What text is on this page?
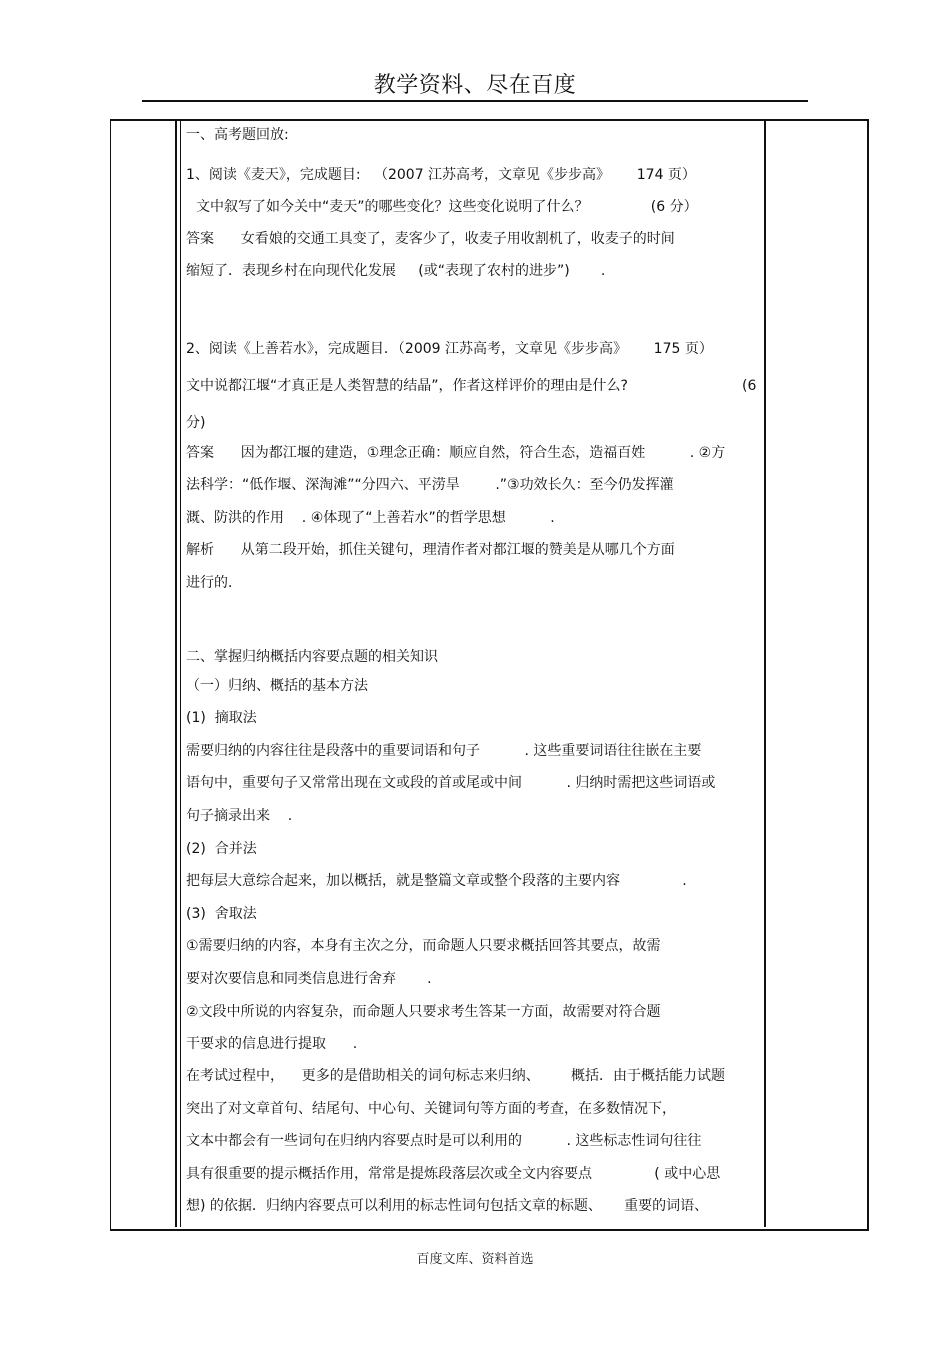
教学资料、尽在百度
一、高考题回放:
1、阅读《麦天》，完成题目:   （2007 江苏高考，文章见《步步高》      174 页）
文中叙写了如今关中“麦天”的哪些变化？这些变化说明了什么？              (6 分）
答案      女看娘的交通工具变了，麦客少了，收麦子用收割机了，收麦子的时间
缩短了．表现乡村在向现代化发展     (或“表现了农村的进步”)       .
2、阅读《上善若水》，完成题目．（2009 江苏高考，文章见《步步高》      175 页）
文中说都江堰“才真正是人类智慧的结晶”，作者这样评价的理由是什么?	(6
分)
答案      因为都江堰的建造，①理念正确：顺应自然，符合生态，造福百姓          . ②方
法科学：“低作堰、深淘滩”“分四六、平涝旱        .”③功效长久：至今仍发挥灌
溉、防洪的作用    . ④体现了“上善若水”的哲学思想          .
解析      从第二段开始，抓住关键句，理清作者对都江堰的赞美是从哪几个方面
进行的．
二、掌握归纳概括内容要点题的相关知识
（一）归纳、概括的基本方法
(1)  摘取法
需要归纳的内容往往是段落中的重要词语和句子          . 这些重要词语往往嵌在主要
语句中，重要句子又常常出现在文或段的首或尾或中间          . 归纳时需把这些词语或
句子摘录出来    .
(2)  合并法
把每层大意综合起来，加以概括，就是整篇文章或整个段落的主要内容              .
(3)  舍取法
①需要归纳的内容，本身有主次之分，而命题人只要求概括回答其要点，故需
要对次要信息和同类信息进行舍弃       .
②文段中所说的内容复杂，而命题人只要求考生答某一方面，故需要对符合题
干要求的信息进行提取      .
在考试过程中，    更多的是借助相关的词句标志来归纳、       概括．由于概括能力试题
突出了对文章首句、结尾句、中心句、关键词句等方面的考查，在多数情况下，
文本中都会有一些词句在归纳内容要点时是可以利用的          . 这些标志性词句往往
具有很重要的提示概括作用，常常是提炼段落层次或全文内容要点              ( 或中心思
想) 的依据．归纳内容要点可以利用的标志性词句包括文章的标题、     重要的词语、
百度文库、资料首选
